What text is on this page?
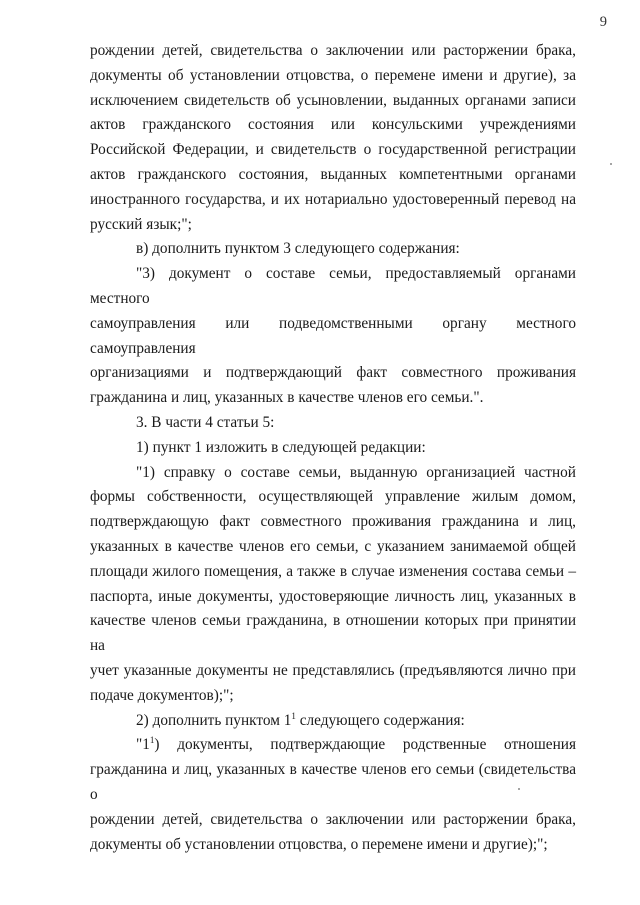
9

рождении детей, свидетельства о заключении или расторжении брака,
документы об установлении отцовства, о перемене имени и другие), за
исключением свидетельств об усыновлении, выданных органами записи
актов гражданского состояния или консульскими учреждениями
Российской Федерации, и свидетельств о государственной регистрации
актов гражданского состояния, выданных компетентными органами
иностранного государства, и их нотариально удостоверенный перевод на
русский язык;";

в) дополнить пунктом 3 следующего содержания:

"3) документ о составе семьи, предоставляемый органами местного
самоуправления или подведомственными органу местного самоуправления
организациями и подтверждающий факт совместного проживания
гражданина и лиц, указанных в качестве членов его семьи.".

3. В части 4 статьи 5:

1) пункт 1 изложить в следующей редакции:

"1) справку о составе семьи, выданную организацией частной
формы собственности, осуществляющей управление жилым домом,
подтверждающую факт совместного проживания гражданина и лиц,
указанных в качестве членов его семьи, с указанием занимаемой общей
площади жилого помещения, а также в случае изменения состава семьи –
паспорта, иные документы, удостоверяющие личность лиц, указанных в
качестве членов семьи гражданина, в отношении которых при принятии на
учет указанные документы не представлялись (предъявляются лично при
подаче документов);";

2) дополнить пунктом $1^1$ следующего содержания:

"$1^1$) документы, подтверждающие родственные отношения
гражданина и лиц, указанных в качестве членов его семьи (свидетельства о
рождении детей, свидетельства о заключении или расторжении брака,
документы об установлении отцовства, о перемене имени и другие);";
